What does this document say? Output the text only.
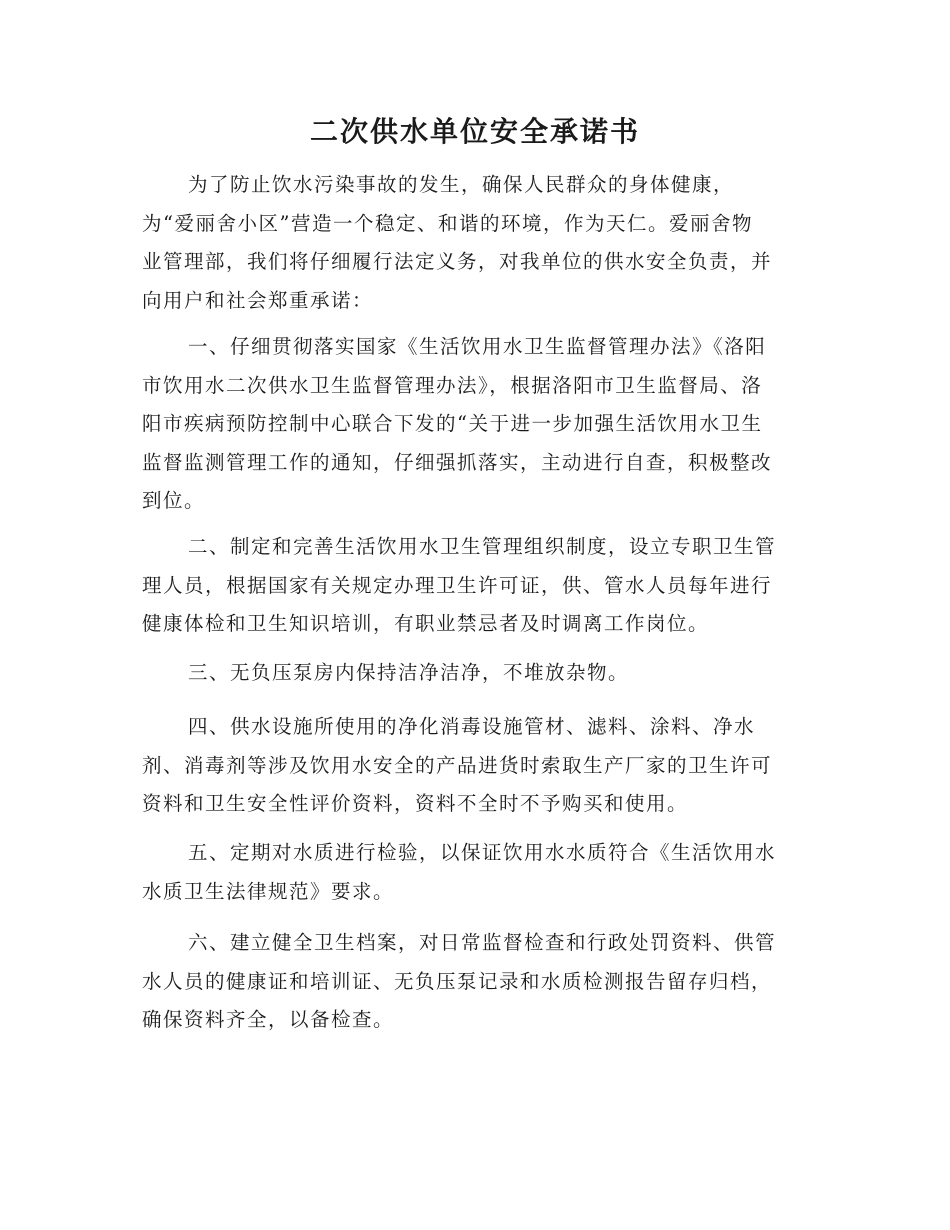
二次供水单位安全承诺书
为了防止饮水污染事故的发生，确保人民群众的身体健康，
为“爱丽舍小区”营造一个稳定、和谐的环境，作为天仁。爱丽舍物
业管理部，我们将仔细履行法定义务，对我单位的供水安全负责，并
向用户和社会郑重承诺：
一、仔细贯彻落实国家《生活饮用水卫生监督管理办法》《洛阳
市饮用水二次供水卫生监督管理办法》，根据洛阳市卫生监督局、洛
阳市疾病预防控制中心联合下发的“关于进一步加强生活饮用水卫生
监督监测管理工作的通知，仔细强抓落实，主动进行自查，积极整改
到位。
二、制定和完善生活饮用水卫生管理组织制度，设立专职卫生管
理人员，根据国家有关规定办理卫生许可证，供、管水人员每年进行
健康体检和卫生知识培训，有职业禁忌者及时调离工作岗位。
三、无负压泵房内保持洁净洁净，不堆放杂物。
四、供水设施所使用的净化消毒设施管材、滤料、涂料、净水
剂、消毒剂等涉及饮用水安全的产品进货时索取生产厂家的卫生许可
资料和卫生安全性评价资料，资料不全时不予购买和使用。
五、定期对水质进行检验，以保证饮用水水质符合《生活饮用水
水质卫生法律规范》要求。
六、建立健全卫生档案，对日常监督检查和行政处罚资料、供管
水人员的健康证和培训证、无负压泵记录和水质检测报告留存归档，
确保资料齐全，以备检查。
